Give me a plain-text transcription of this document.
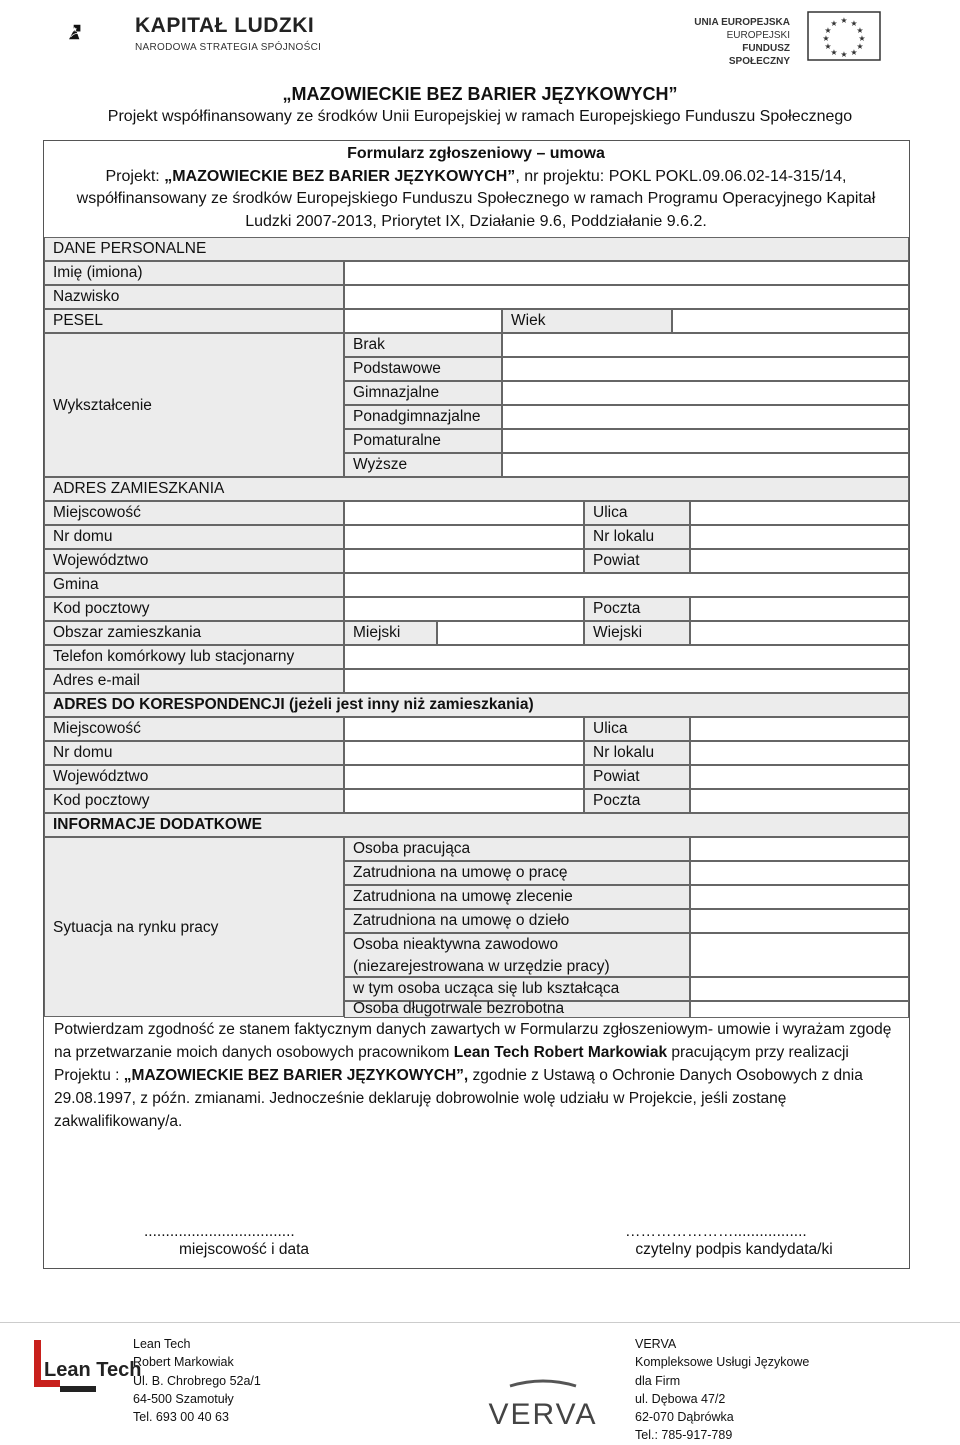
KAPITAŁ LUDZKI
NARODOWA STRATEGIA SPÓJNOŚCI
UNIA EUROPEJSKA
EUROPEJSKI
FUNDUSZ SPOŁECZNY
★ ★
★
★
★
★
★
★
★
★
★
★
„MAZOWIECKIE BEZ BARIER JĘZYKOWYCH”
Projekt współfinansowany ze środków Unii Europejskiej w ramach Europejskiego Funduszu Społecznego
Formularz zgłoszeniowy – umowa
Projekt: „MAZOWIECKIE BEZ BARIER JĘZYKOWYCH”, nr projektu: POKL POKL.09.06.02-14-315/14,
współfinansowany ze środków Europejskiego Funduszu Społecznego w ramach Programu Operacyjnego Kapitał
Ludzki 2007-2013, Priorytet IX, Działanie 9.6, Poddziałanie 9.6.2.
DANE PERSONALNE
Imię (imiona)
Nazwisko
PESEL	Wiek
Wykształcenie
Brak
Podstawowe
Gimnazjalne
Ponadgimnazjalne
Pomaturalne
Wyższe
ADRES ZAMIESZKANIA
Miejscowość	Ulica
Nr domu	Nr lokalu
Województwo	Powiat
Gmina
Kod pocztowy	Poczta
Obszar zamieszkania	Miejski	Wiejski
Telefon komórkowy lub stacjonarny
Adres e-mail
ADRES DO KORESPONDENCJI (jeżeli jest inny niż zamieszkania)
Miejscowość	Ulica
Nr domu	Nr lokalu
Województwo	Powiat
Kod pocztowy	Poczta
INFORMACJE DODATKOWE
Sytuacja na rynku pracy
Osoba pracująca
Zatrudniona na umowę o pracę
Zatrudniona na umowę zlecenie
Zatrudniona na umowę o dzieło
Osoba nieaktywna zawodowo
(niezarejestrowana w urzędzie pracy)
w tym osoba ucząca się lub kształcąca
Osoba długotrwale bezrobotna
Potwierdzam zgodność ze stanem faktycznym danych zawartych w Formularzu zgłoszeniowym- umowie i wyrażam zgodę na przetwarzanie moich danych osobowych pracownikom Lean Tech Robert Markowiak pracującym przy realizacji Projektu : „MAZOWIECKIE BEZ BARIER JĘZYKOWYCH”, zgodnie z Ustawą o Ochronie Danych Osobowych z dnia 29.08.1997, z późn. zmianami. Jednocześnie deklaruję dobrowolnie wolę udziału w Projekcie, jeśli zostanę zakwalifikowany/a.
...................................
miejscowość i data
………………….................
czytelny podpis kandydata/ki
Lean Tech
Lean Tech
Robert Markowiak
Ul. B. Chrobrego 52a/1
64-500 Szamotuły
Tel. 693 00 40 63	VERVA
VERVA
Kompleksowe Usługi Językowe
dla Firm
ul. Dębowa 47/2
62-070 Dąbrówka
Tel.: 785-917-789
